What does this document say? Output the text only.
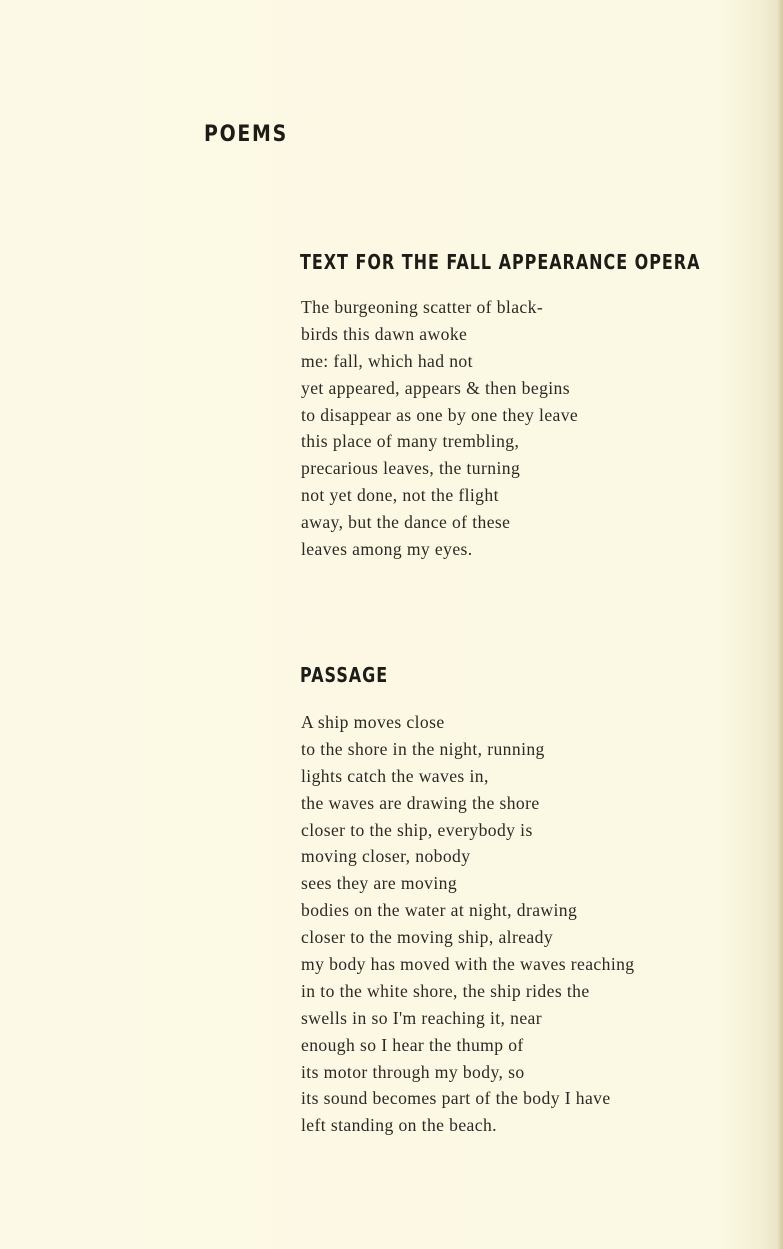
POEMS
TEXT FOR THE FALL APPEARANCE OPERA
The burgeoning scatter of black-
birds this dawn awoke
me: fall, which had not
yet appeared, appears & then begins
to disappear as one by one they leave
this place of many trembling,
precarious leaves, the turning
not yet done, not the flight
away, but the dance of these
leaves among my eyes.
PASSAGE
A ship moves close
to the shore in the night, running
lights catch the waves in,
the waves are drawing the shore
closer to the ship, everybody is
moving closer, nobody
sees they are moving
bodies on the water at night, drawing
closer to the moving ship, already
my body has moved with the waves reaching
in to the white shore, the ship rides the
swells in so I'm reaching it, near
enough so I hear the thump of
its motor through my body, so
its sound becomes part of the body I have
left standing on the beach.
